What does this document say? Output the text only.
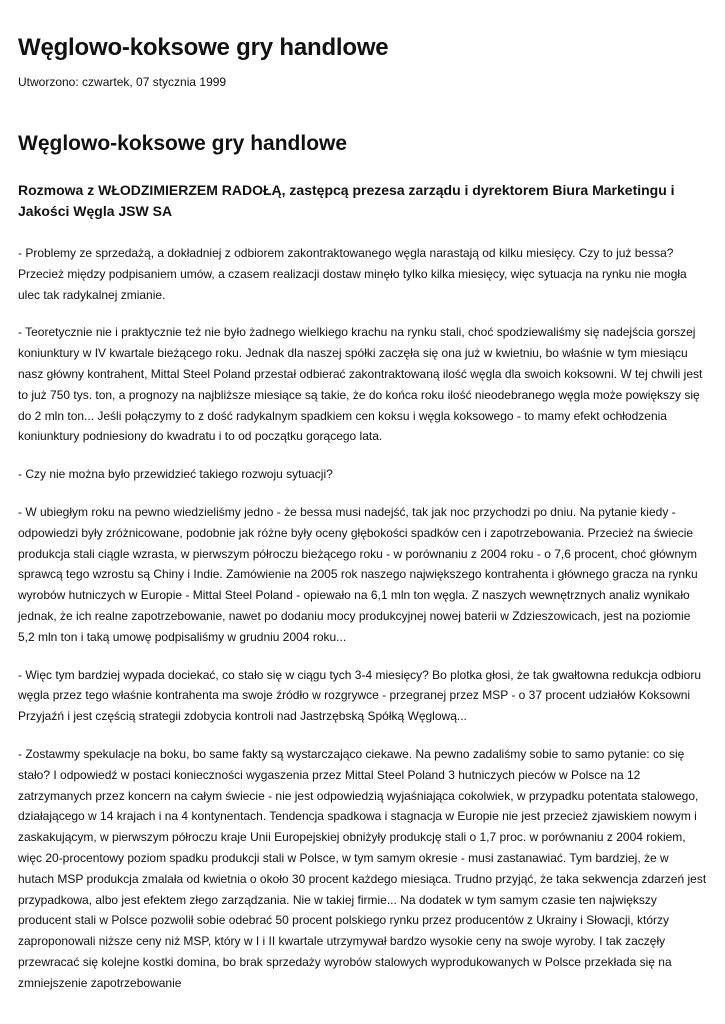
Węglowo-koksowe gry handlowe
Utworzono: czwartek, 07 stycznia 1999
Węglowo-koksowe gry handlowe
Rozmowa z WŁODZIMIERZEM RADOŁĄ, zastępcą prezesa zarządu i dyrektorem Biura Marketingu i Jakości Węgla JSW SA
- Problemy ze sprzedażą, a dokładniej z odbiorem zakontraktowanego węgla narastają od kilku miesięcy. Czy to już bessa? Przecież między podpisaniem umów, a czasem realizacji dostaw minęło tylko kilka miesięcy, więc sytuacja na rynku nie mogła ulec tak radykalnej zmianie.
- Teoretycznie nie i praktycznie też nie było żadnego wielkiego krachu na rynku stali, choć spodziewaliśmy się nadejścia gorszej koniunktury w IV kwartale bieżącego roku. Jednak dla naszej spółki zaczęła się ona już w kwietniu, bo właśnie w tym miesiącu nasz główny kontrahent, Mittal Steel Poland przestał odbierać zakontraktowaną ilość węgla dla swoich koksowni. W tej chwili jest to już 750 tys. ton, a prognozy na najbliższe miesiące są takie, że do końca roku ilość nieodebranego węgla może powiększy się do 2 mln ton... Jeśli połączymy to z dość radykalnym spadkiem cen koksu i węgla koksowego - to mamy efekt ochłodzenia koniunktury podniesiony do kwadratu i to od początku gorącego lata.
- Czy nie można było przewidzieć takiego rozwoju sytuacji?
- W ubiegłym roku na pewno wiedzieliśmy jedno - że bessa musi nadejść, tak jak noc przychodzi po dniu. Na pytanie kiedy - odpowiedzi były zróżnicowane, podobnie jak różne były oceny głębokości spadków cen i zapotrzebowania. Przecież na świecie produkcja stali ciągle wzrasta, w pierwszym półroczu bieżącego roku - w porównaniu z 2004 roku - o 7,6 procent, choć głównym sprawcą tego wzrostu są Chiny i Indie. Zamówienie na 2005 rok naszego największego kontrahenta i głównego gracza na rynku wyrobów hutniczych w Europie - Mittal Steel Poland - opiewało na 6,1 mln ton węgla. Z naszych wewnętrznych analiz wynikało jednak, że ich realne zapotrzebowanie, nawet po dodaniu mocy produkcyjnej nowej baterii w Zdzieszowicach, jest na poziomie 5,2 mln ton i taką umowę podpisaliśmy w grudniu 2004 roku...
- Więc tym bardziej wypada dociekać, co stało się w ciągu tych 3-4 miesięcy? Bo plotka głosi, że tak gwałtowna redukcja odbioru węgla przez tego właśnie kontrahenta ma swoje źródło w rozgrywce - przegranej przez MSP - o 37 procent udziałów Koksowni Przyjaźń i jest częścią strategii zdobycia kontroli nad Jastrzębską Spółką Węglową...
- Zostawmy spekulacje na boku, bo same fakty są wystarczająco ciekawe. Na pewno zadaliśmy sobie to samo pytanie: co się stało? I odpowiedź w postaci konieczności wygaszenia przez Mittal Steel Poland 3 hutniczych pieców w Polsce na 12 zatrzymanych przez koncern na całym świecie - nie jest odpowiedzią wyjaśniająca cokolwiek, w przypadku potentata stalowego, działającego w 14 krajach i na 4 kontynentach. Tendencja spadkowa i stagnacja w Europie nie jest przecież zjawiskiem nowym i zaskakującym, w pierwszym półroczu kraje Unii Europejskiej obniżyły produkcję stali o 1,7 proc. w porównaniu z 2004 rokiem, więc 20-procentowy poziom spadku produkcji stali w Polsce, w tym samym okresie - musi zastanawiać. Tym bardziej, że w hutach MSP produkcja zmalała od kwietnia o około 30 procent każdego miesiąca. Trudno przyjąć, że taka sekwencja zdarzeń jest przypadkowa, albo jest efektem złego zarządzania. Nie w takiej firmie... Na dodatek w tym samym czasie ten największy producent stali w Polsce pozwolił sobie odebrać 50 procent polskiego rynku przez producentów z Ukrainy i Słowacji, którzy zaproponowali niższe ceny niż MSP, który w I i II kwartale utrzymywał bardzo wysokie ceny na swoje wyroby. I tak zaczęły przewracać się kolejne kostki domina, bo brak sprzedaży wyrobów stalowych wyprodukowanych w Polsce przekłada się na zmniejszenie zapotrzebowanie
